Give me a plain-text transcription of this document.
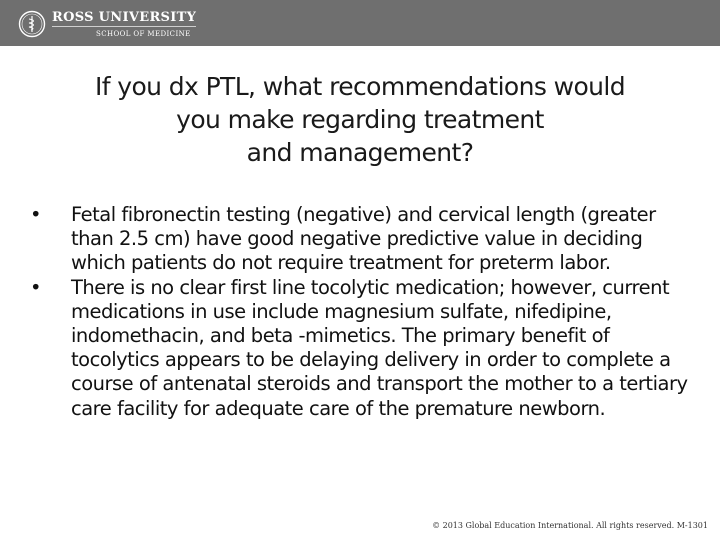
ROSS UNIVERSITY
SCHOOL OF MEDICINE
If you dx PTL, what recommendations would
you make regarding treatment
and management?
•	Fetal fibronectin testing (negative) and cervical length (greater than 2.5 cm) have good negative predictive value in deciding which patients do not require treatment for preterm labor.
•	There is no clear first line tocolytic medication; however, current medications in use include magnesium sulfate, nifedipine, indomethacin, and beta -mimetics. The primary benefit of tocolytics appears to be delaying delivery in order to complete a course of antenatal steroids and transport the mother to a tertiary care facility for adequate care of the premature newborn.
© 2013 Global Education International. All rights reserved. M-1301
